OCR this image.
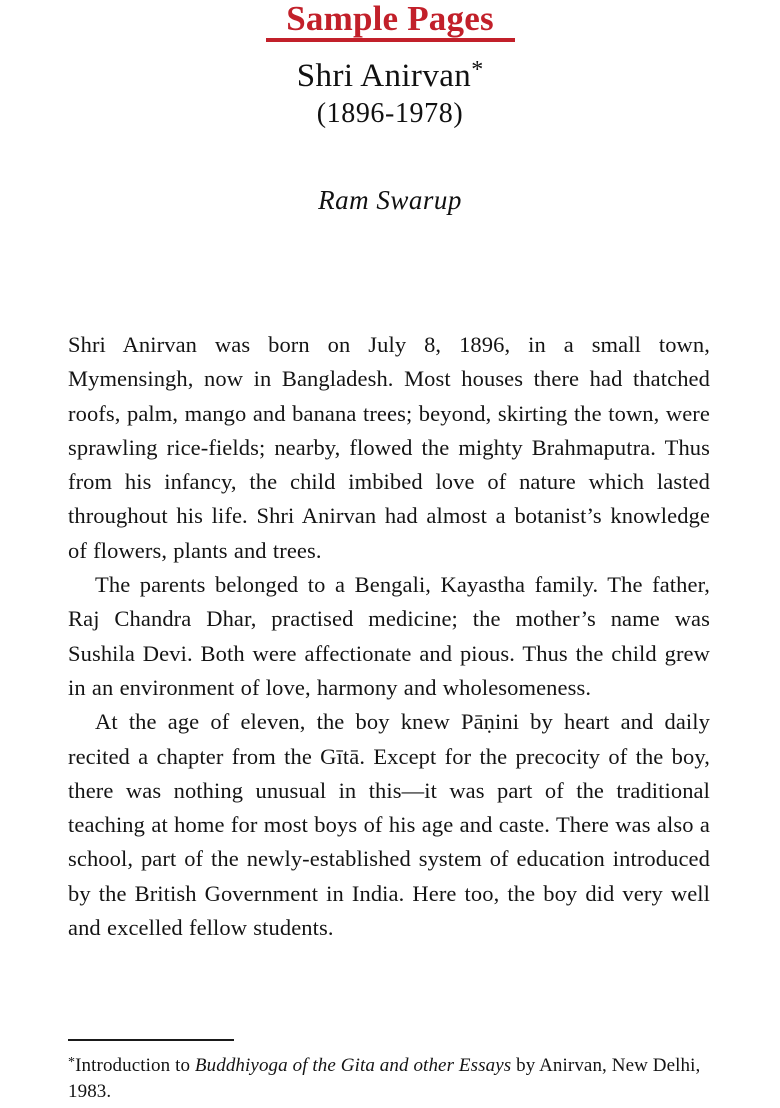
Sample Pages
Shri Anirvan*
(1896-1978)
Ram Swarup

Shri Anirvan was born on July 8, 1896, in a small town, Mymensingh, now in Bangladesh. Most houses there had thatched roofs, palm, mango and banana trees; beyond, skirting the town, were sprawling rice-fields; nearby, flowed the mighty Brahmaputra. Thus from his infancy, the child imbibed love of nature which lasted throughout his life. Shri Anirvan had almost a botanist’s knowledge of flowers, plants and trees.

The parents belonged to a Bengali, Kayastha family. The father, Raj Chandra Dhar, practised medicine; the mother’s name was Sushila Devi. Both were affectionate and pious. Thus the child grew in an environment of love, harmony and wholesomeness.

At the age of eleven, the boy knew Pāṇini by heart and daily recited a chapter from the Gītā. Except for the precocity of the boy, there was nothing unusual in this—it was part of the traditional teaching at home for most boys of his age and caste. There was also a school, part of the newly-established system of education introduced by the British Government in India. Here too, the boy did very well and excelled fellow students.

*Introduction to Buddhiyoga of the Gita and other Essays by Anirvan, New Delhi, 1983.
